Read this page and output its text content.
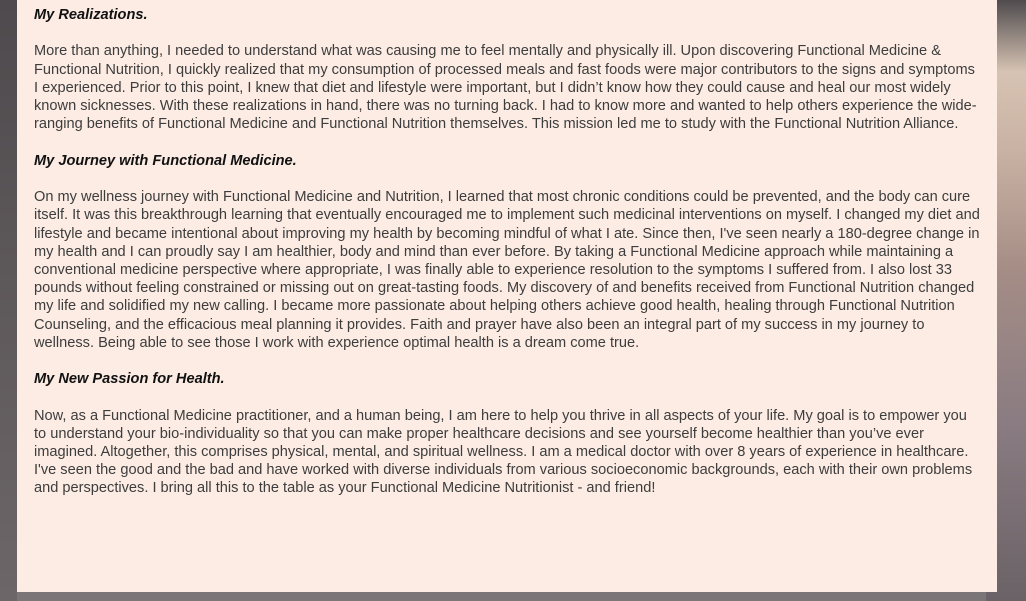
My Realizations.

More than anything, I needed to understand what was causing me to feel mentally and physically ill. Upon discovering Functional Medicine & Functional Nutrition, I quickly realized that my consumption of processed meals and fast foods were major contributors to the signs and symptoms I experienced. Prior to this point, I knew that diet and lifestyle were important, but I didn’t know how they could cause and heal our most widely known sicknesses. With these realizations in hand, there was no turning back. I had to know more and wanted to help others experience the wide-ranging benefits of Functional Medicine and Functional Nutrition themselves. This mission led me to study with the Functional Nutrition Alliance.

My Journey with Functional Medicine.

On my wellness journey with Functional Medicine and Nutrition, I learned that most chronic conditions could be prevented, and the body can cure itself. It was this breakthrough learning that eventually encouraged me to implement such medicinal interventions on myself. I changed my diet and lifestyle and became intentional about improving my health by becoming mindful of what I ate. Since then, I've seen nearly a 180-degree change in my health and I can proudly say I am healthier, body and mind than ever before. By taking a Functional Medicine approach while maintaining a conventional medicine perspective where appropriate, I was finally able to experience resolution to the symptoms I suffered from. I also lost 33 pounds without feeling constrained or missing out on great-tasting foods. My discovery of and benefits received from Functional Nutrition changed my life and solidified my new calling. I became more passionate about helping others achieve good health, healing through Functional Nutrition Counseling, and the efficacious meal planning it provides. Faith and prayer have also been an integral part of my success in my journey to wellness. Being able to see those I work with experience optimal health is a dream come true.

My New Passion for Health.

Now, as a Functional Medicine practitioner, and a human being, I am here to help you thrive in all aspects of your life. My goal is to empower you to understand your bio-individuality so that you can make proper healthcare decisions and see yourself become healthier than you’ve ever imagined. Altogether, this comprises physical, mental, and spiritual wellness. I am a medical doctor with over 8 years of experience in healthcare. I've seen the good and the bad and have worked with diverse individuals from various socioeconomic backgrounds, each with their own problems and perspectives. I bring all this to the table as your Functional Medicine Nutritionist - and friend!
